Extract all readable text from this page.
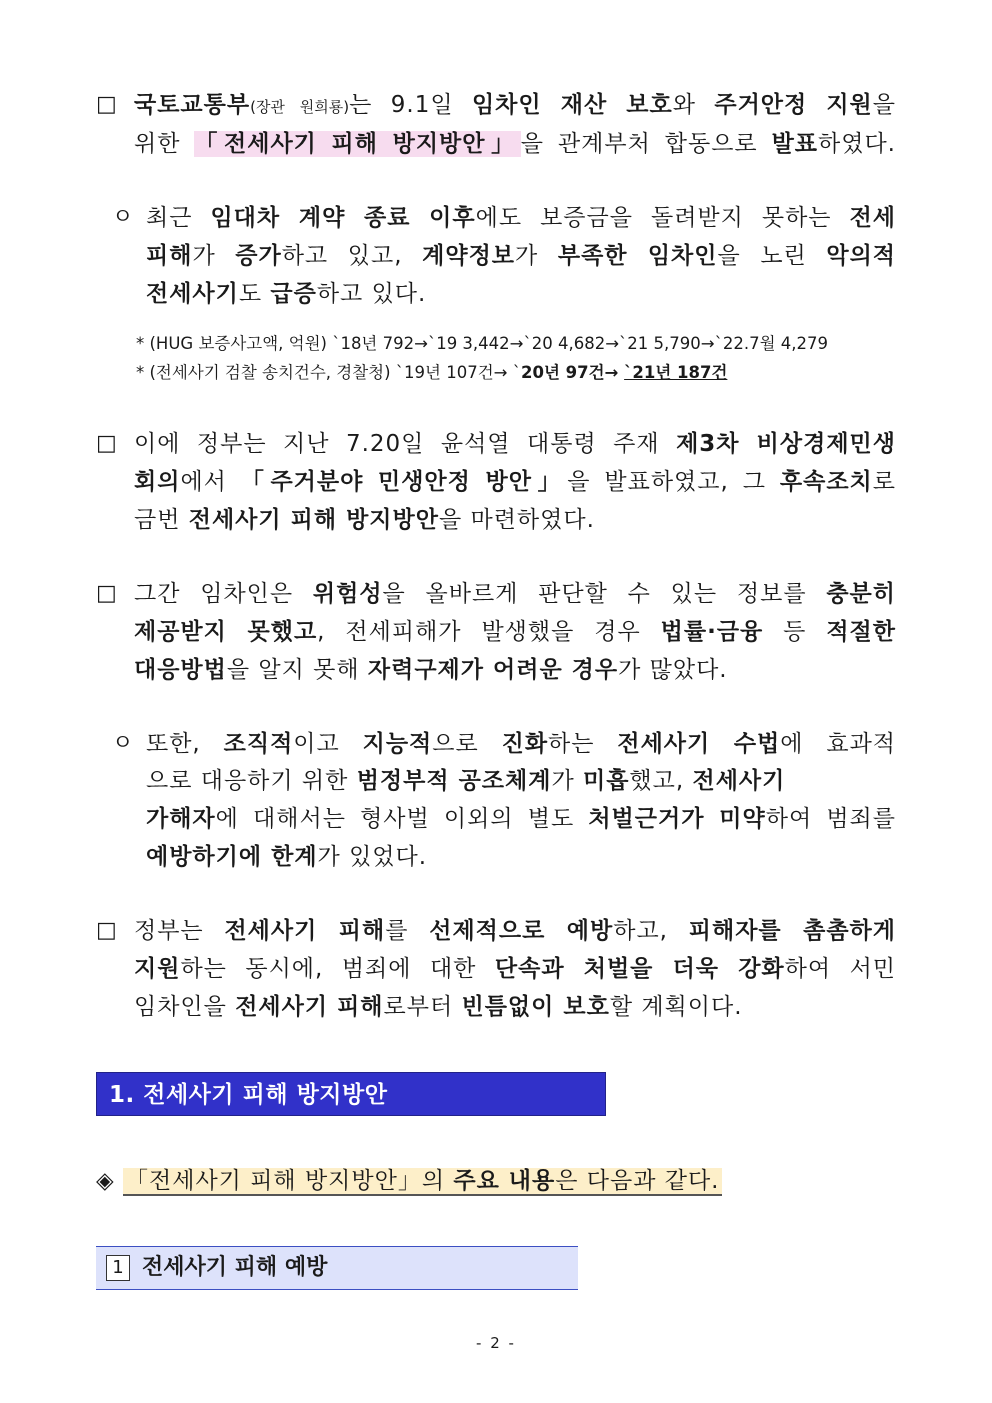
□ 국토교통부(장관 원희룡)는 9.1일 임차인 재산 보호와 주거안정 지원을
위한 「전세사기 피해 방지방안」을 관계부처 합동으로 발표하였다.
ㅇ 최근 임대차 계약 종료 이후에도 보증금을 돌려받지 못하는 전세
피해가 증가하고 있고, 계약정보가 부족한 임차인을 노린 악의적
전세사기도 급증하고 있다.
* (HUG 보증사고액, 억원) `18년 792→`19 3,442→`20 4,682→`21 5,790→`22.7월 4,279
* (전세사기 검찰 송치건수, 경찰청) `19년 107건→ `20년 97건→ `21년 187건
□ 이에 정부는 지난 7.20일 윤석열 대통령 주재 제3차 비상경제민생
회의에서 「주거분야 민생안정 방안」을 발표하였고, 그 후속조치로
금번 전세사기 피해 방지방안을 마련하였다.
□ 그간 임차인은 위험성을 올바르게 판단할 수 있는 정보를 충분히
제공받지 못했고, 전세피해가 발생했을 경우 법률·금융 등 적절한
대응방법을 알지 못해 자력구제가 어려운 경우가 많았다.
ㅇ 또한, 조직적이고 지능적으로 진화하는 전세사기 수법에 효과적
으로 대응하기 위한 범정부적 공조체계가 미흡했고, 전세사기
가해자에 대해서는 형사벌 이외의 별도 처벌근거가 미약하여 범죄를
예방하기에 한계가 있었다.
□ 정부는 전세사기 피해를 선제적으로 예방하고, 피해자를 촘촘하게
지원하는 동시에, 범죄에 대한 단속과 처벌을 더욱 강화하여 서민
임차인을 전세사기 피해로부터 빈틈없이 보호할 계획이다.
1. 전세사기 피해 방지방안
◈ 「전세사기 피해 방지방안」의 주요 내용은 다음과 같다.
1 전세사기 피해 예방
- 2 -
